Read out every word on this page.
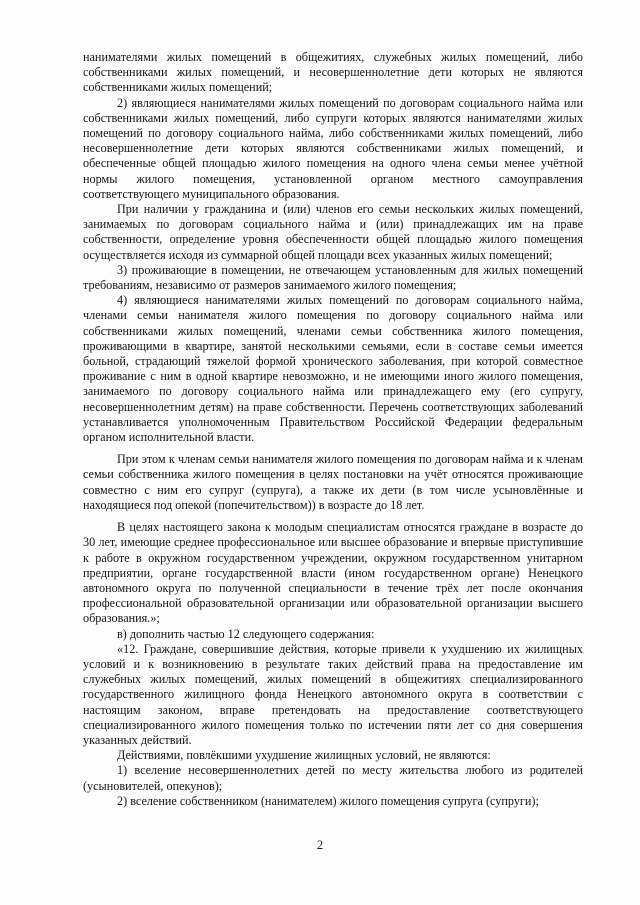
нанимателями жилых помещений в общежитиях, служебных жилых помещений, либо собственниками жилых помещений, и несовершеннолетние дети которых не являются собственниками жилых помещений;

2) являющиеся нанимателями жилых помещений по договорам социального найма или собственниками жилых помещений, либо супруги которых являются нанимателями жилых помещений по договору социального найма, либо собственниками жилых помещений, либо несовершеннолетние дети которых являются собственниками жилых помещений, и обеспеченные общей площадью жилого помещения на одного члена семьи менее учётной нормы жилого помещения, установленной органом местного самоуправления соответствующего муниципального образования.

При наличии у гражданина и (или) членов его семьи нескольких жилых помещений, занимаемых по договорам социального найма и (или) принадлежащих им на праве собственности, определение уровня обеспеченности общей площадью жилого помещения осуществляется исходя из суммарной общей площади всех указанных жилых помещений;

3) проживающие в помещении, не отвечающем установленным для жилых помещений требованиям, независимо от размеров занимаемого жилого помещения;

4) являющиеся нанимателями жилых помещений по договорам социального найма, членами семьи нанимателя жилого помещения по договору социального найма или собственниками жилых помещений, членами семьи собственника жилого помещения, проживающими в квартире, занятой несколькими семьями, если в составе семьи имеется больной, страдающий тяжелой формой хронического заболевания, при которой совместное проживание с ним в одной квартире невозможно, и не имеющими иного жилого помещения, занимаемого по договору социального найма или принадлежащего ему (его супругу, несовершеннолетним детям) на праве собственности. Перечень соответствующих заболеваний устанавливается уполномоченным Правительством Российской Федерации федеральным органом исполнительной власти.

При этом к членам семьи нанимателя жилого помещения по договорам найма и к членам семьи собственника жилого помещения в целях постановки на учёт относятся проживающие совместно с ним его супруг (супруга), а также их дети (в том числе усыновлённые и находящиеся под опекой (попечительством)) в возрасте до 18 лет.

В целях настоящего закона к молодым специалистам относятся граждане в возрасте до 30 лет, имеющие среднее профессиональное или высшее образование и впервые приступившие к работе в окружном государственном учреждении, окружном государственном унитарном предприятии, органе государственной власти (ином государственном органе) Ненецкого автономного округа по полученной специальности в течение трёх лет после окончания профессиональной образовательной организации или образовательной организации высшего образования.»;

в) дополнить частью 12 следующего содержания:

«12. Граждане, совершившие действия, которые привели к ухудшению их жилищных условий и к возникновению в результате таких действий права на предоставление им служебных жилых помещений, жилых помещений в общежитиях специализированного государственного жилищного фонда Ненецкого автономного округа в соответствии с настоящим законом, вправе претендовать на предоставление соответствующего специализированного жилого помещения только по истечении пяти лет со дня совершения указанных действий.

Действиями, повлёкшими ухудшение жилищных условий, не являются:

1) вселение несовершеннолетних детей по месту жительства любого из родителей (усыновителей, опекунов);

2) вселение собственником (нанимателем) жилого помещения супруга (супруги);

2
